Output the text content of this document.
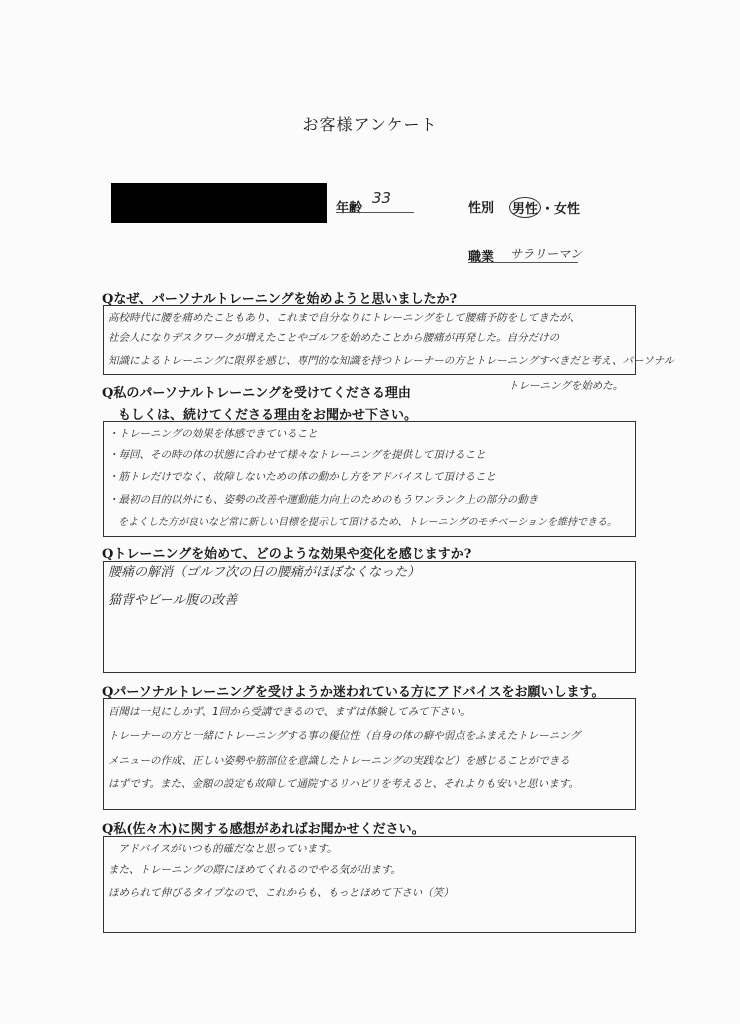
お客様アンケート
年齢
33
性別 男性 ・女性
職業 サラリーマン
Qなぜ、パーソナルトレーニングを始めようと思いましたか?
高校時代に腰を痛めたこともあり、これまで自分なりにトレーニングをして腰痛予防をしてきたが、
社会人になりデスクワークが増えたことやゴルフを始めたことから腰痛が再発した。自分だけの
知識によるトレーニングに限界を感じ、専門的な知識を持つトレーナーの方とトレーニングすべきだと考え、パーソナル
トレーニングを始めた。
Q私のパーソナルトレーニングを受けてくださる理由
もしくは、続けてくださる理由をお聞かせ下さい。
・トレーニングの効果を体感できていること
・毎回、その時の体の状態に合わせて様々なトレーニングを提供して頂けること
・筋トレだけでなく、故障しないための体の動かし方をアドバイスして頂けること
・最初の目的以外にも、姿勢の改善や運動能力向上のためのもうワンランク上の部分の動き
　をよくした方が良いなど常に新しい目標を提示して頂けるため、トレーニングのモチベーションを維持できる。
Qトレーニングを始めて、どのような効果や変化を感じますか?
腰痛の解消（ゴルフ次の日の腰痛がほぼなくなった）
猫背やビール腹の改善
Qパーソナルトレーニングを受けようか迷われている方にアドバイスをお願いします。
百聞は一見にしかず、1回から受講できるので、まずは体験してみて下さい。
トレーナーの方と一緒にトレーニングする事の優位性（自身の体の癖や弱点をふまえたトレーニング
メニューの作成、正しい姿勢や筋部位を意識したトレーニングの実践など）を感じることができる
はずです。また、金額の設定も故障して通院するリハビリを考えると、それよりも安いと思います。
Q私(佐々木)に関する感想があればお聞かせください。
アドバイスがいつも的確だなと思っています。
また、トレーニングの際にほめてくれるのでやる気が出ます。
ほめられて伸びるタイプなので、これからも、もっとほめて下さい（笑）
